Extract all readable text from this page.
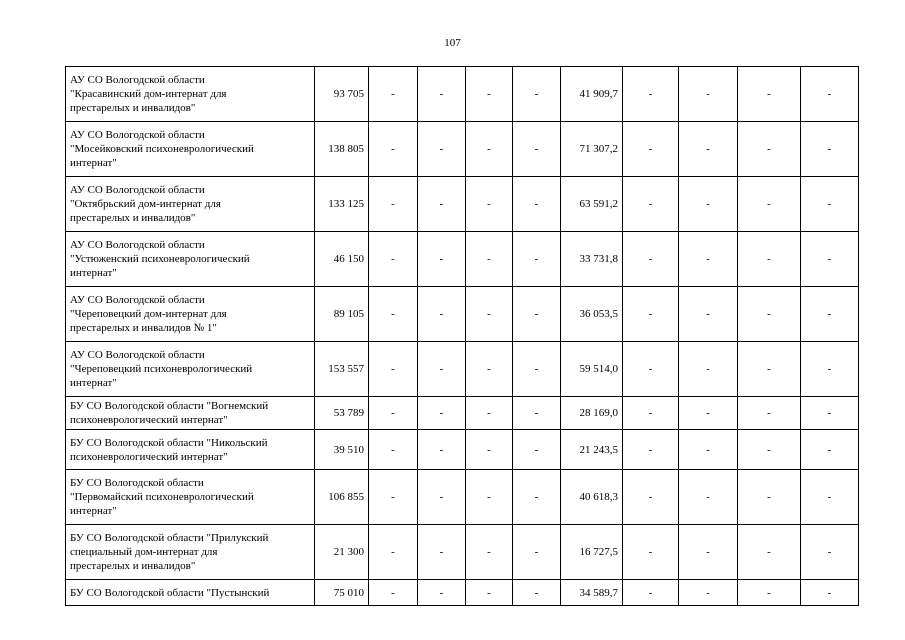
107
АУ СО Вологодской области
"Красавинский дом-интернат для
престарелых и инвалидов"	93 705	-	-	-	-	41 909,7	-	-	-	-
АУ СО Вологодской области
"Мосейковский психоневрологический
интернат"	138 805	-	-	-	-	71 307,2	-	-	-	-
АУ СО Вологодской области
"Октябрьский дом-интернат для
престарелых и инвалидов"	133 125	-	-	-	-	63 591,2	-	-	-	-
АУ СО Вологодской области
"Устюженский психоневрологический
интернат"	46 150	-	-	-	-	33 731,8	-	-	-	-
АУ СО Вологодской области
"Череповецкий дом-интернат для
престарелых и инвалидов № 1"	89 105	-	-	-	-	36 053,5	-	-	-	-
АУ СО Вологодской области
"Череповецкий психоневрологический
интернат"	153 557	-	-	-	-	59 514,0	-	-	-	-
БУ СО Вологодской области "Вогнемский
психоневрологический интернат"	53 789	-	-	-	-	28 169,0	-	-	-	-
БУ СО Вологодской области "Никольский
психоневрологический интернат"	39 510	-	-	-	-	21 243,5	-	-	-	-
БУ СО Вологодской области
"Первомайский психоневрологический
интернат"	106 855	-	-	-	-	40 618,3	-	-	-	-
БУ СО Вологодской области "Прилукский
специальный дом-интернат для
престарелых и инвалидов"	21 300	-	-	-	-	16 727,5	-	-	-	-
БУ СО Вологодской области "Пустынский	75 010	-	-	-	-	34 589,7	-	-	-	-
